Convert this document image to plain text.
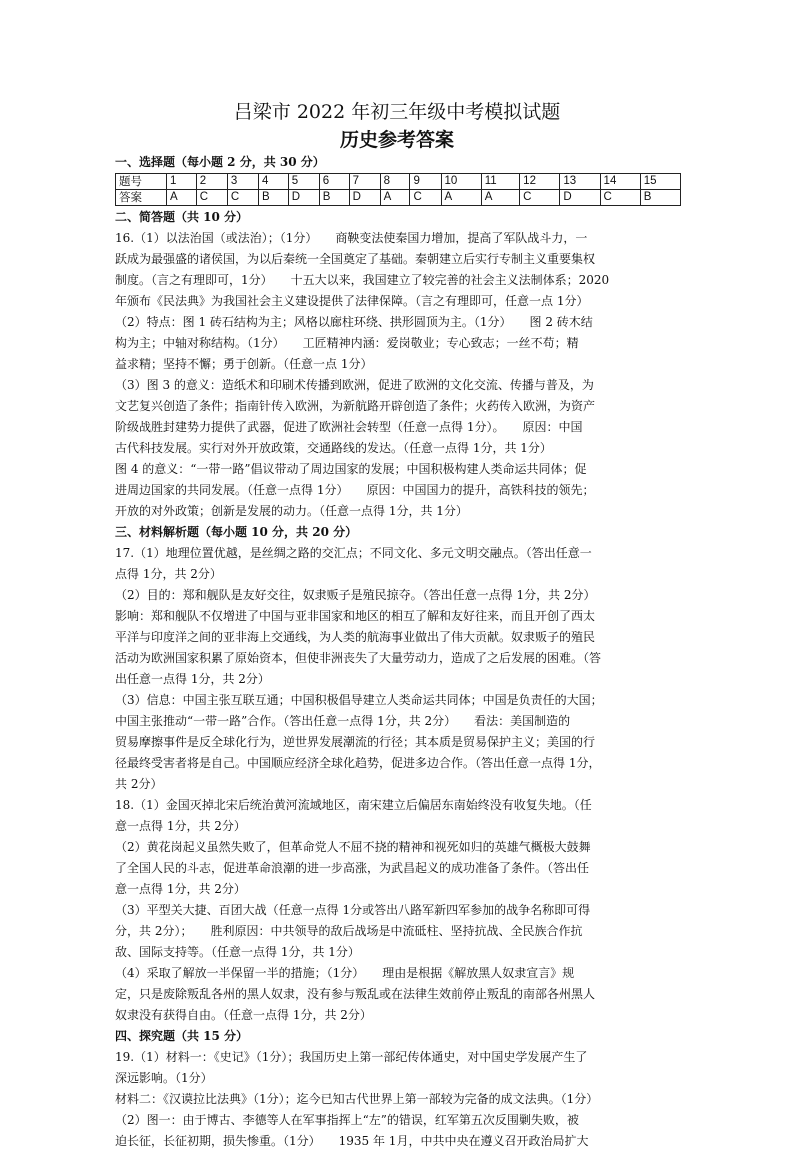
吕梁市 2022 年初三年级中考模拟试题
历史参考答案
一、选择题（每小题 2 分，共 30 分）
题号	1	2	3	4	5	6	7	8	9	10	11	12	13	14	15
答案	A	C	C	B	D	B	D	A	C	A	A	C	D	C	B
二、简答题（共 10 分）
16.（1）以法治国（或法治）；（1分）　　商鞅变法使秦国力增加，提高了军队战斗力，一
跃成为最强盛的诸侯国，为以后秦统一全国奠定了基础。秦朝建立后实行专制主义重要集权
制度。（言之有理即可，1分）　　十五大以来，我国建立了较完善的社会主义法制体系；2020
年颁布《民法典》为我国社会主义建设提供了法律保障。（言之有理即可，任意一点 1分）
（2）特点：图 1 砖石结构为主；风格以廊柱环绕、拱形圆顶为主。（1分）　　图 2 砖木结
构为主；中轴对称结构。（1分）　　工匠精神内涵：爱岗敬业；专心致志；一丝不苟；精
益求精；坚持不懈；勇于创新。（任意一点 1分）
（3）图 3 的意义：造纸术和印刷术传播到欧洲，促进了欧洲的文化交流、传播与普及，为
文艺复兴创造了条件；指南针传入欧洲，为新航路开辟创造了条件；火药传入欧洲，为资产
阶级战胜封建势力提供了武器，促进了欧洲社会转型（任意一点得 1分）。　　原因：中国
古代科技发展。实行对外开放政策，交通路线的发达。（任意一点得 1分，共 1分）
图 4 的意义：“一带一路”倡议带动了周边国家的发展；中国积极构建人类命运共同体；促
进周边国家的共同发展。（任意一点得 1分）　　原因：中国国力的提升，高铁科技的领先；
开放的对外政策；创新是发展的动力。（任意一点得 1分，共 1分）
三、材料解析题（每小题 10 分，共 20 分）
17.（1）地理位置优越，是丝绸之路的交汇点；不同文化、多元文明交融点。（答出任意一
点得 1分，共 2分）
（2）目的：郑和舰队是友好交往，奴隶贩子是殖民掠夺。（答出任意一点得 1分，共 2分）
影响：郑和舰队不仅增进了中国与亚非国家和地区的相互了解和友好往来，而且开创了西太
平洋与印度洋之间的亚非海上交通线，为人类的航海事业做出了伟大贡献。奴隶贩子的殖民
活动为欧洲国家积累了原始资本，但使非洲丧失了大量劳动力，造成了之后发展的困难。（答
出任意一点得 1分，共 2分）
（3）信息：中国主张互联互通；中国积极倡导建立人类命运共同体；中国是负责任的大国；
中国主张推动“一带一路”合作。（答出任意一点得 1分，共 2分）　　看法：美国制造的
贸易摩擦事件是反全球化行为，逆世界发展潮流的行径；其本质是贸易保护主义；美国的行
径最终受害者将是自己。中国顺应经济全球化趋势，促进多边合作。（答出任意一点得 1分，
共 2分）
18.（1）金国灭掉北宋后统治黄河流域地区，南宋建立后偏居东南始终没有收复失地。（任
意一点得 1分，共 2分）
（2）黄花岗起义虽然失败了，但革命党人不屈不挠的精神和视死如归的英雄气概极大鼓舞
了全国人民的斗志，促进革命浪潮的进一步高涨，为武昌起义的成功准备了条件。（答出任
意一点得 1分，共 2分）
（3）平型关大捷、百团大战（任意一点得 1分或答出八路军新四军参加的战争名称即可得
分，共 2分）；　　胜利原因：中共领导的敌后战场是中流砥柱、坚持抗战、全民族合作抗
敌、国际支持等。（任意一点得 1分，共 1分）
（4）采取了解放一半保留一半的措施；（1分）　　理由是根据《解放黑人奴隶宣言》规
定，只是废除叛乱各州的黑人奴隶，没有参与叛乱或在法律生效前停止叛乱的南部各州黑人
奴隶没有获得自由。（任意一点得 1分，共 2分）
四、探究题（共 15 分）
19.（1）材料一：《史记》（1分）；我国历史上第一部纪传体通史，对中国史学发展产生了
深远影响。（1分）
材料二：《汉谟拉比法典》（1分）；迄今已知古代世界上第一部较为完备的成文法典。（1分）
（2）图一：由于博古、李德等人在军事指挥上“左”的错误，红军第五次反围剿失败，被
迫长征，长征初期，损失惨重。（1分）　　1935 年 1月，中共中央在遵义召开政治局扩大
